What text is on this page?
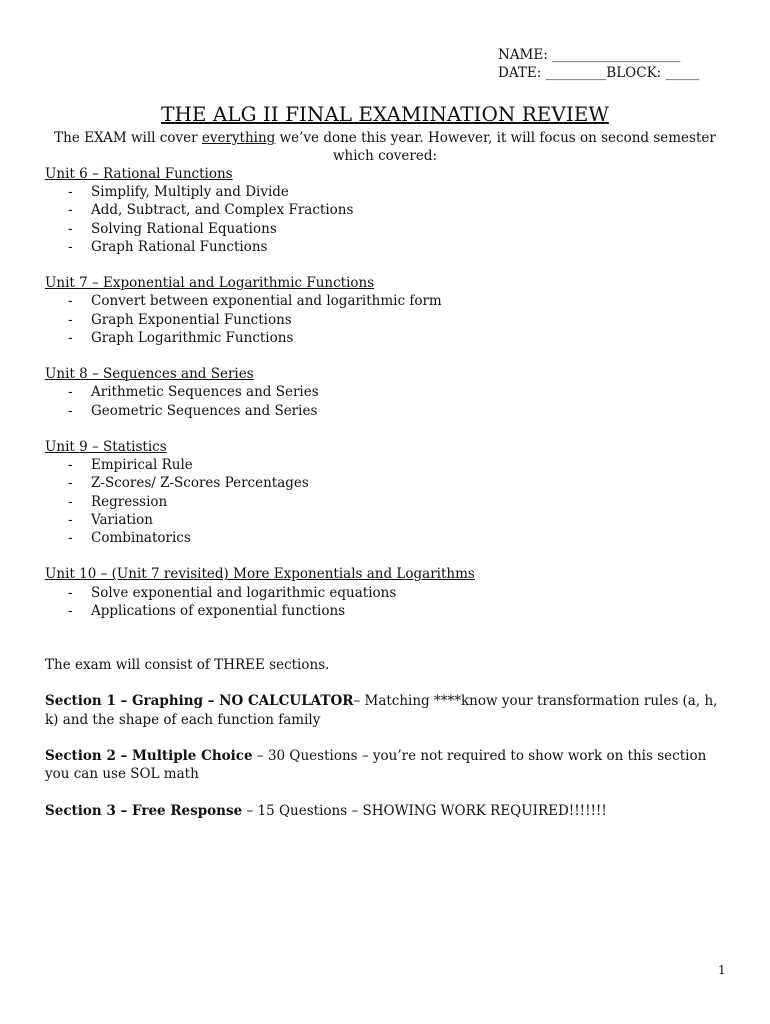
NAME: ___________________
DATE: _________BLOCK: _____
THE ALG II FINAL EXAMINATION REVIEW
The EXAM will cover everything we’ve done this year. However, it will focus on second semester which covered:
Unit 6 – Rational Functions
- Simplify, Multiply and Divide
- Add, Subtract, and Complex Fractions
- Solving Rational Equations
- Graph Rational Functions
Unit 7 – Exponential and Logarithmic Functions
- Convert between exponential and logarithmic form
- Graph Exponential Functions
- Graph Logarithmic Functions
Unit 8 – Sequences and Series
- Arithmetic Sequences and Series
- Geometric Sequences and Series
Unit 9 – Statistics
- Empirical Rule
- Z-Scores/ Z-Scores Percentages
- Regression
- Variation
- Combinatorics
Unit 10 – (Unit 7 revisited) More Exponentials and Logarithms
- Solve exponential and logarithmic equations
- Applications of exponential functions

The exam will consist of THREE sections.

Section 1 – Graphing – NO CALCULATOR– Matching ****know your transformation rules (a, h, k) and the shape of each function family

Section 2 – Multiple Choice – 30 Questions – you’re not required to show work on this section you can use SOL math

Section 3 – Free Response – 15 Questions – SHOWING WORK REQUIRED!!!!!!!

1
